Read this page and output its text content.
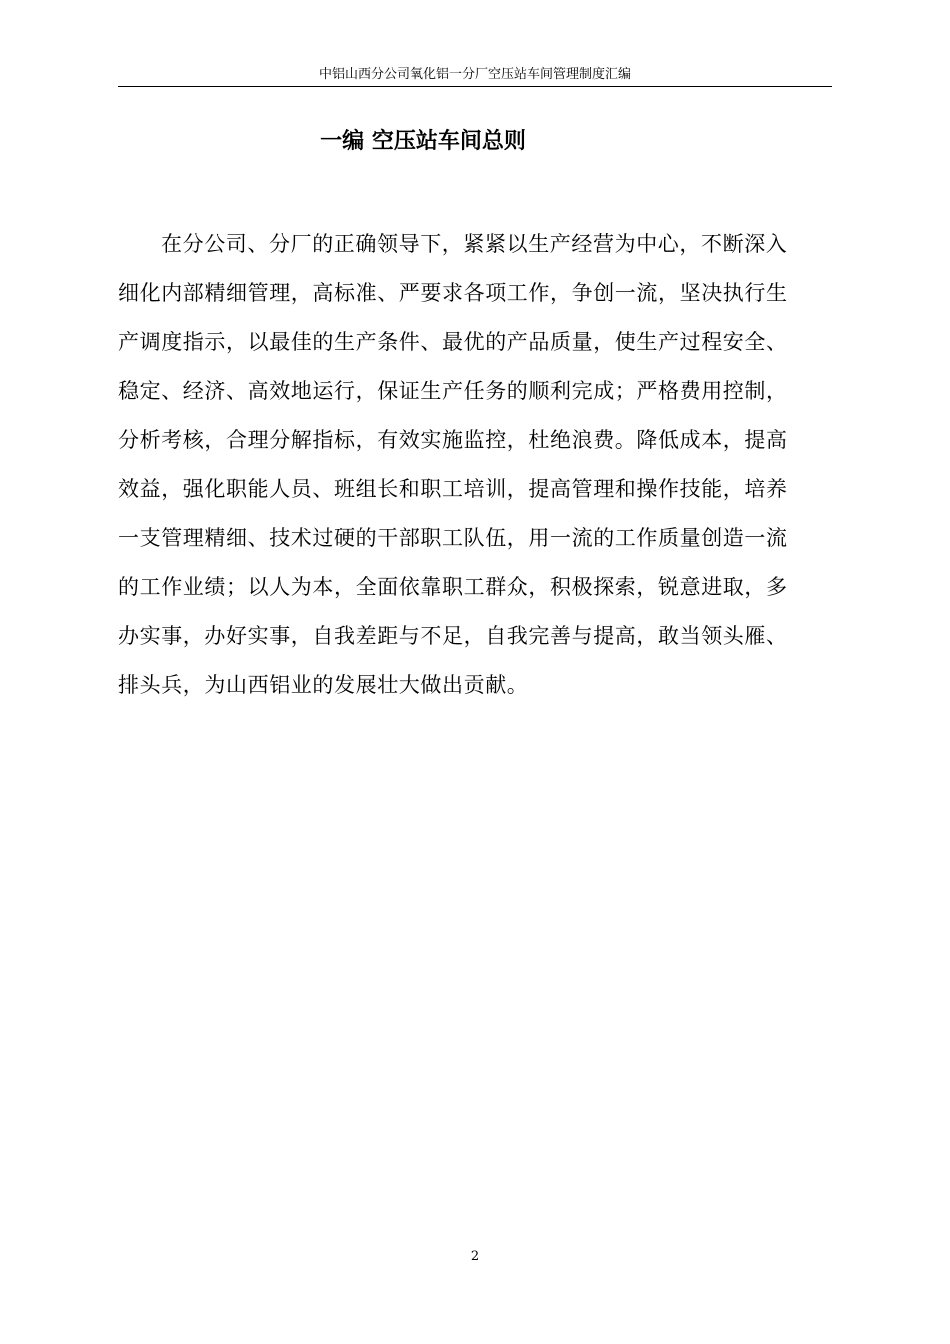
中铝山西分公司氧化铝一分厂空压站车间管理制度汇编
一编 空压站车间总则
在分公司、分厂的正确领导下，紧紧以生产经营为中心，不断深入
细化内部精细管理，高标准、严要求各项工作，争创一流，坚决执行生
产调度指示，以最佳的生产条件、最优的产品质量，使生产过程安全、
稳定、经济、高效地运行，保证生产任务的顺利完成；严格费用控制，
分析考核，合理分解指标，有效实施监控，杜绝浪费。降低成本，提高
效益，强化职能人员、班组长和职工培训，提高管理和操作技能，培养
一支管理精细、技术过硬的干部职工队伍，用一流的工作质量创造一流
的工作业绩；以人为本，全面依靠职工群众，积极探索，锐意进取，多
办实事，办好实事，自我差距与不足，自我完善与提高，敢当领头雁、
排头兵，为山西铝业的发展壮大做出贡献。
2
